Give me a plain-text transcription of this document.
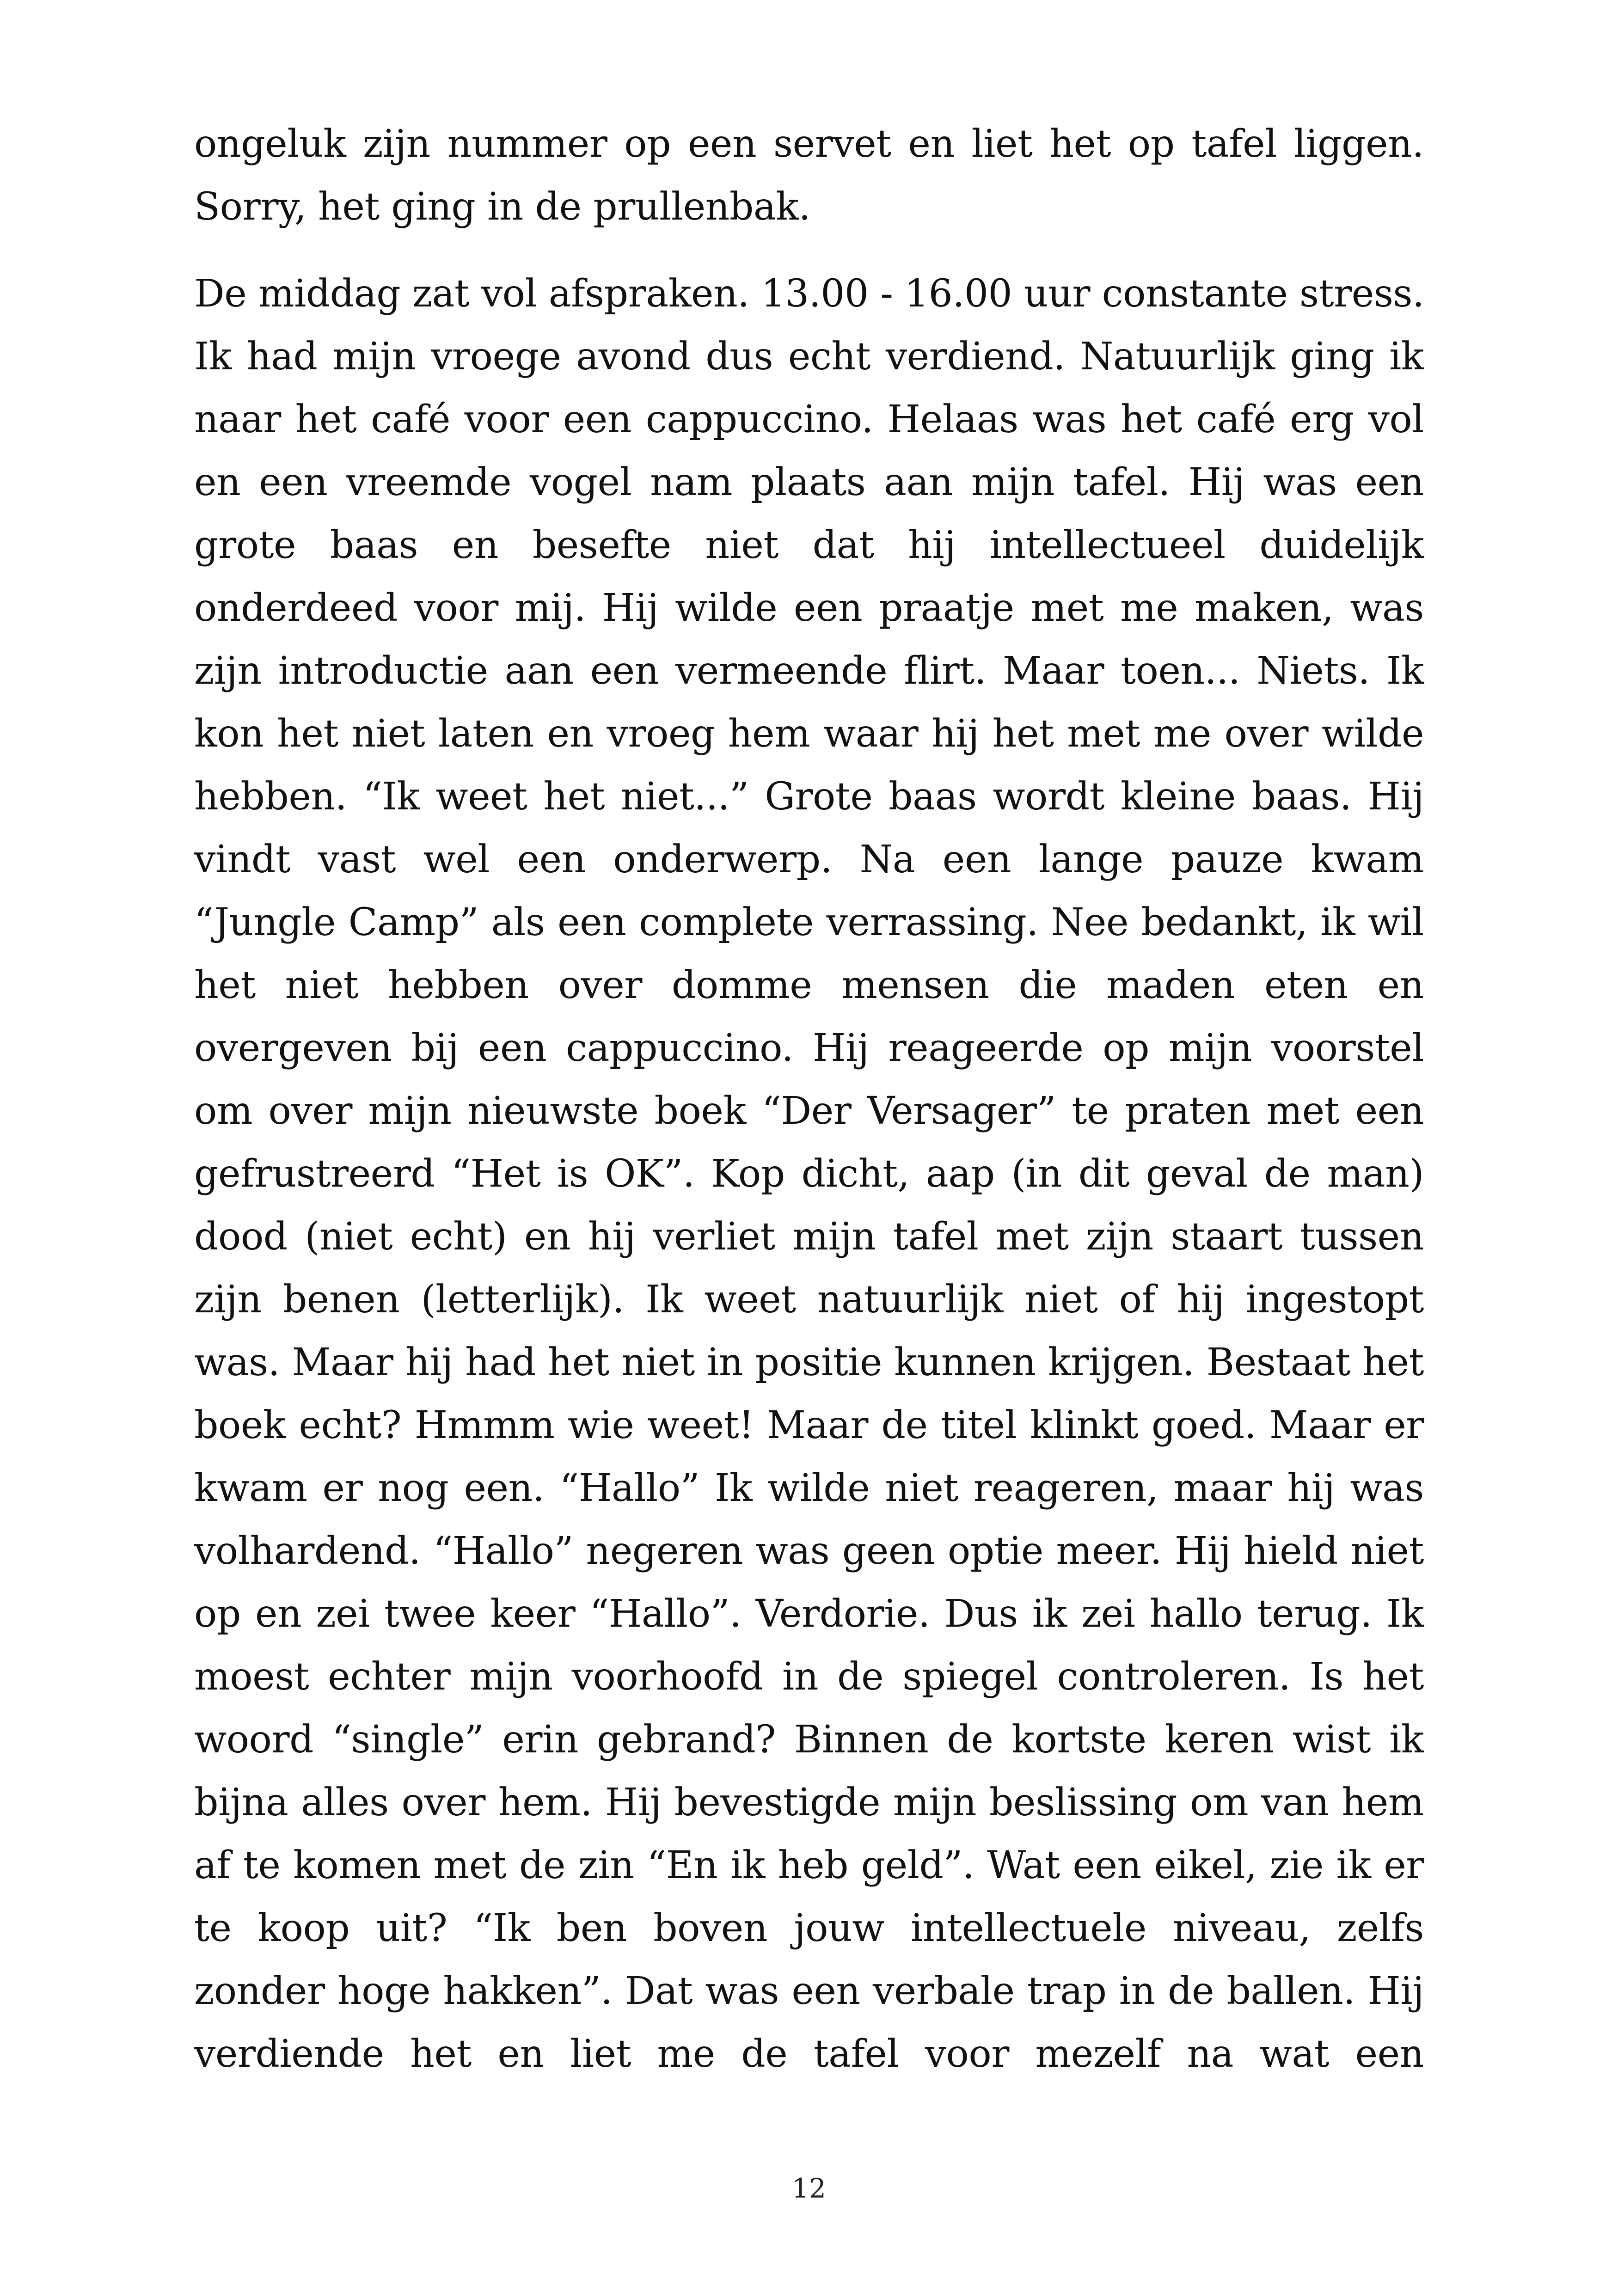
ongeluk zijn nummer op een servet en liet het op tafel liggen.
Sorry, het ging in de prullenbak.
De middag zat vol afspraken. 13.00 - 16.00 uur constante stress.
Ik had mijn vroege avond dus echt verdiend. Natuurlijk ging ik
naar het café voor een cappuccino. Helaas was het café erg vol
en een vreemde vogel nam plaats aan mijn tafel. Hij was een
grote baas en besefte niet dat hij intellectueel duidelijk
onderdeed voor mij. Hij wilde een praatje met me maken, was
zijn introductie aan een vermeende flirt. Maar toen... Niets. Ik
kon het niet laten en vroeg hem waar hij het met me over wilde
hebben. “Ik weet het niet...” Grote baas wordt kleine baas. Hij
vindt vast wel een onderwerp. Na een lange pauze kwam
“Jungle Camp” als een complete verrassing. Nee bedankt, ik wil
het niet hebben over domme mensen die maden eten en
overgeven bij een cappuccino. Hij reageerde op mijn voorstel
om over mijn nieuwste boek “Der Versager” te praten met een
gefrustreerd “Het is OK”. Kop dicht, aap (in dit geval de man)
dood (niet echt) en hij verliet mijn tafel met zijn staart tussen
zijn benen (letterlijk). Ik weet natuurlijk niet of hij ingestopt
was. Maar hij had het niet in positie kunnen krijgen. Bestaat het
boek echt? Hmmm wie weet! Maar de titel klinkt goed. Maar er
kwam er nog een. “Hallo” Ik wilde niet reageren, maar hij was
volhardend. “Hallo” negeren was geen optie meer. Hij hield niet
op en zei twee keer “Hallo”. Verdorie. Dus ik zei hallo terug. Ik
moest echter mijn voorhoofd in de spiegel controleren. Is het
woord “single” erin gebrand? Binnen de kortste keren wist ik
bijna alles over hem. Hij bevestigde mijn beslissing om van hem
af te komen met de zin “En ik heb geld”. Wat een eikel, zie ik er
te koop uit? “Ik ben boven jouw intellectuele niveau, zelfs
zonder hoge hakken”. Dat was een verbale trap in de ballen. Hij
verdiende het en liet me de tafel voor mezelf na wat een
12
